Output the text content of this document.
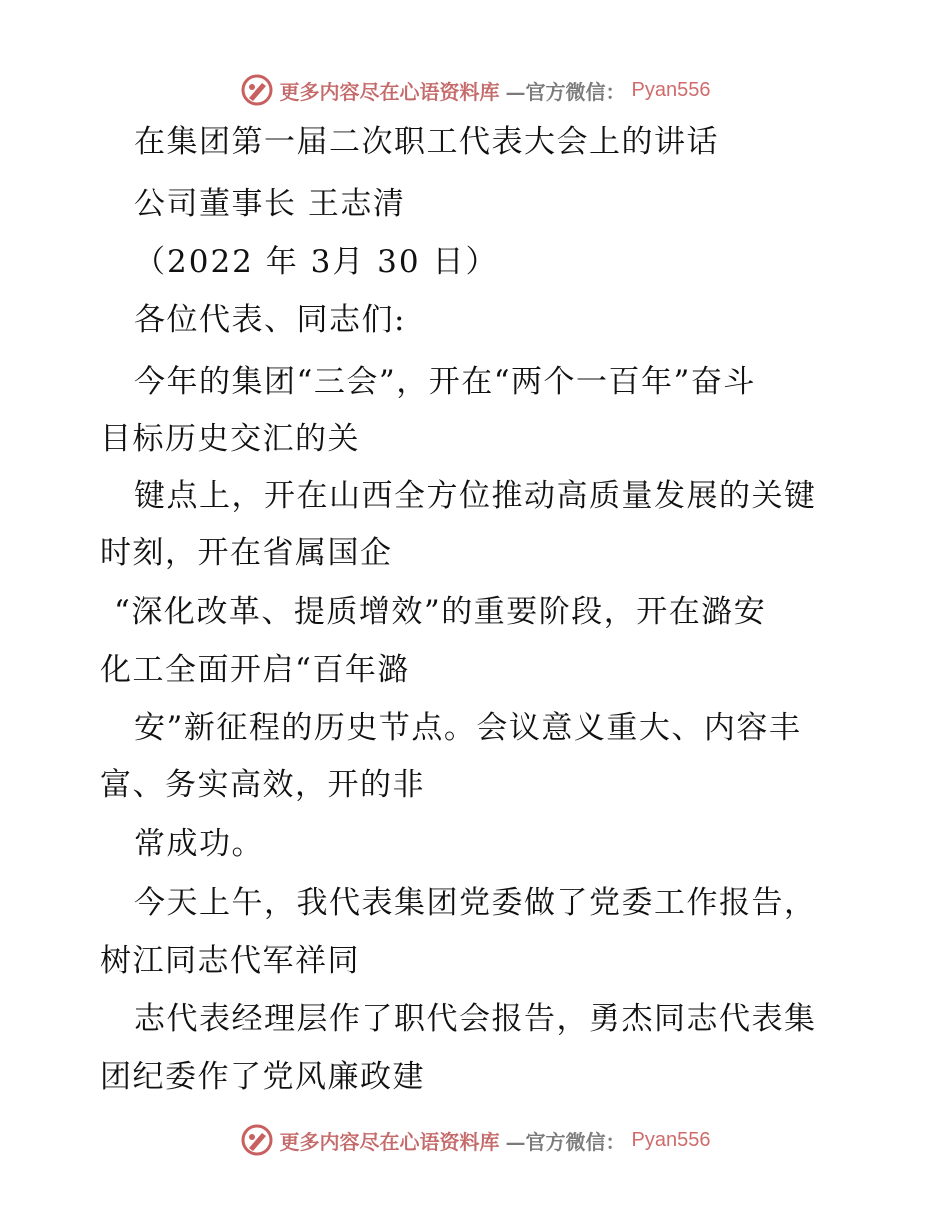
更多内容尽在心语资料库 —官方微信： Pyan556
在集团第一届二次职工代表大会上的讲话
公司董事长 王志清
（2022 年 3月 30 日）
各位代表、同志们:
今年的集团“三会”，开在“两个一百年”奋斗
目标历史交汇的关
键点上，开在山西全方位推动高质量发展的关键
时刻，开在省属国企
“深化改革、提质增效”的重要阶段，开在潞安
化工全面开启“百年潞
安”新征程的历史节点。会议意义重大、内容丰
富、务实高效，开的非
常成功。
今天上午，我代表集团党委做了党委工作报告，
树江同志代军祥同
志代表经理层作了职代会报告，勇杰同志代表集
团纪委作了党风廉政建
更多内容尽在心语资料库 —官方微信： Pyan556
